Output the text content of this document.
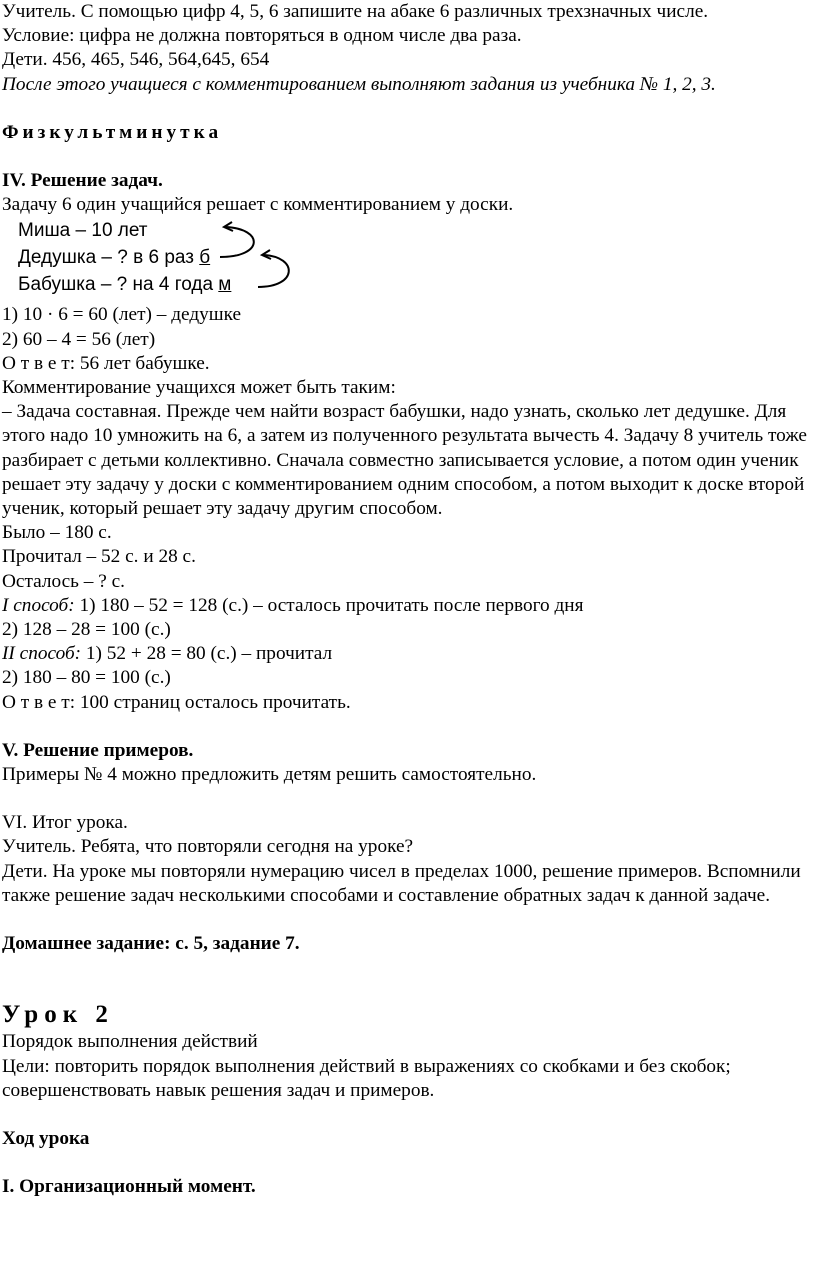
Учитель. С помощью цифр 4, 5, 6 запишите на абаке 6 различных трехзначных числе.
Условие: цифра не должна повторяться в одном числе два раза.
Дети. 456, 465, 546, 564,645, 654
После этого учащиеся с комментированием выполняют задания из учебника № 1, 2, 3.
Физкультминутка
IV. Решение задач.
Задачу 6 один учащийся решает с комментированием у доски.
Миша – 10 лет
Дедушка – ? в 6 раз б
Бабушка – ? на 4 года м
1) 10 · 6 = 60 (лет) – дедушке
2) 60 – 4 = 56 (лет)
О т в е т: 56 лет бабушке.
Комментирование учащихся может быть таким:
– Задача составная. Прежде чем найти возраст бабушки, надо узнать, сколько лет дедушке. Для этого надо 10 умножить на 6, а затем из полученного результата вычесть 4. Задачу 8 учитель тоже разбирает с детьми коллективно. Сначала совместно записывается условие, а потом один ученик решает эту задачу у доски с комментированием одним способом, а потом выходит к доске второй ученик, который решает эту задачу другим способом.
Было – 180 с.
Прочитал – 52 с. и 28 с.
Осталось – ? с.
I способ: 1) 180 – 52 = 128 (с.) – осталось прочитать после первого дня
2) 128 – 28 = 100 (с.)
II способ: 1) 52 + 28 = 80 (с.) – прочитал
2) 180 – 80 = 100 (с.)
О т в е т: 100 страниц осталось прочитать.
V. Решение примеров.
Примеры № 4 можно предложить детям решить самостоятельно.
VI. Итог урока.
Учитель. Ребята, что повторяли сегодня на уроке?
Дети. На уроке мы повторяли нумерацию чисел в пределах 1000, решение примеров. Вспомнили также решение задач несколькими способами и составление обратных задач к данной задаче.
Домашнее задание: с. 5, задание 7.
Урок 2
Порядок выполнения действий
Цели: повторить порядок выполнения действий в выражениях со скобками и без скобок; совершенствовать навык решения задач и примеров.
Ход урока
I. Организационный момент.
